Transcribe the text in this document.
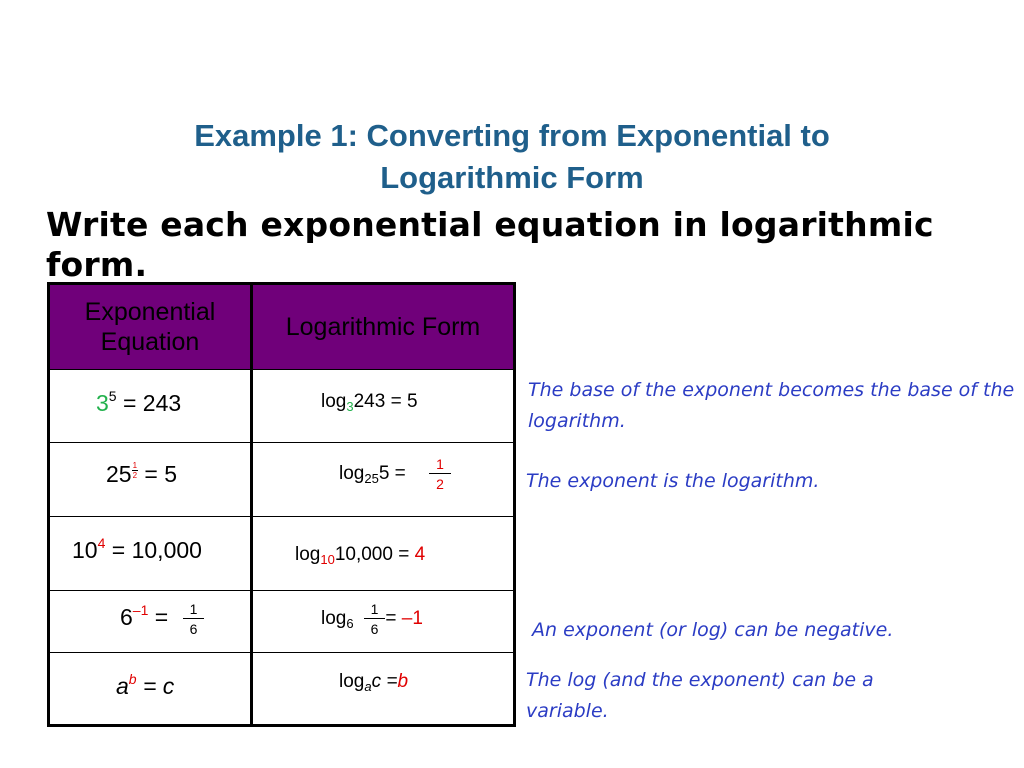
Example 1: Converting from Exponential to
Logarithmic Form
Write each exponential equation in logarithmic form.
Exponential Equation	Logarithmic Form

$3^5 = 243$	$\log_3243 = 5$

$25 \frac{1}{2} = 5$	$\log_{25}5 = \frac{1}{2}$

$10^4 = 10,000$	$\log_{10}10,000 = 4$

$6^{-1} = \frac{1}{6}$	$\log_6 \frac{1}{6} = -1$

$a^b = c$	$\log_ac =b$
The base of the exponent becomes the base of the logarithm.
The exponent is the logarithm.
An exponent (or log) can be negative.
The log (and the exponent) can be a variable.
